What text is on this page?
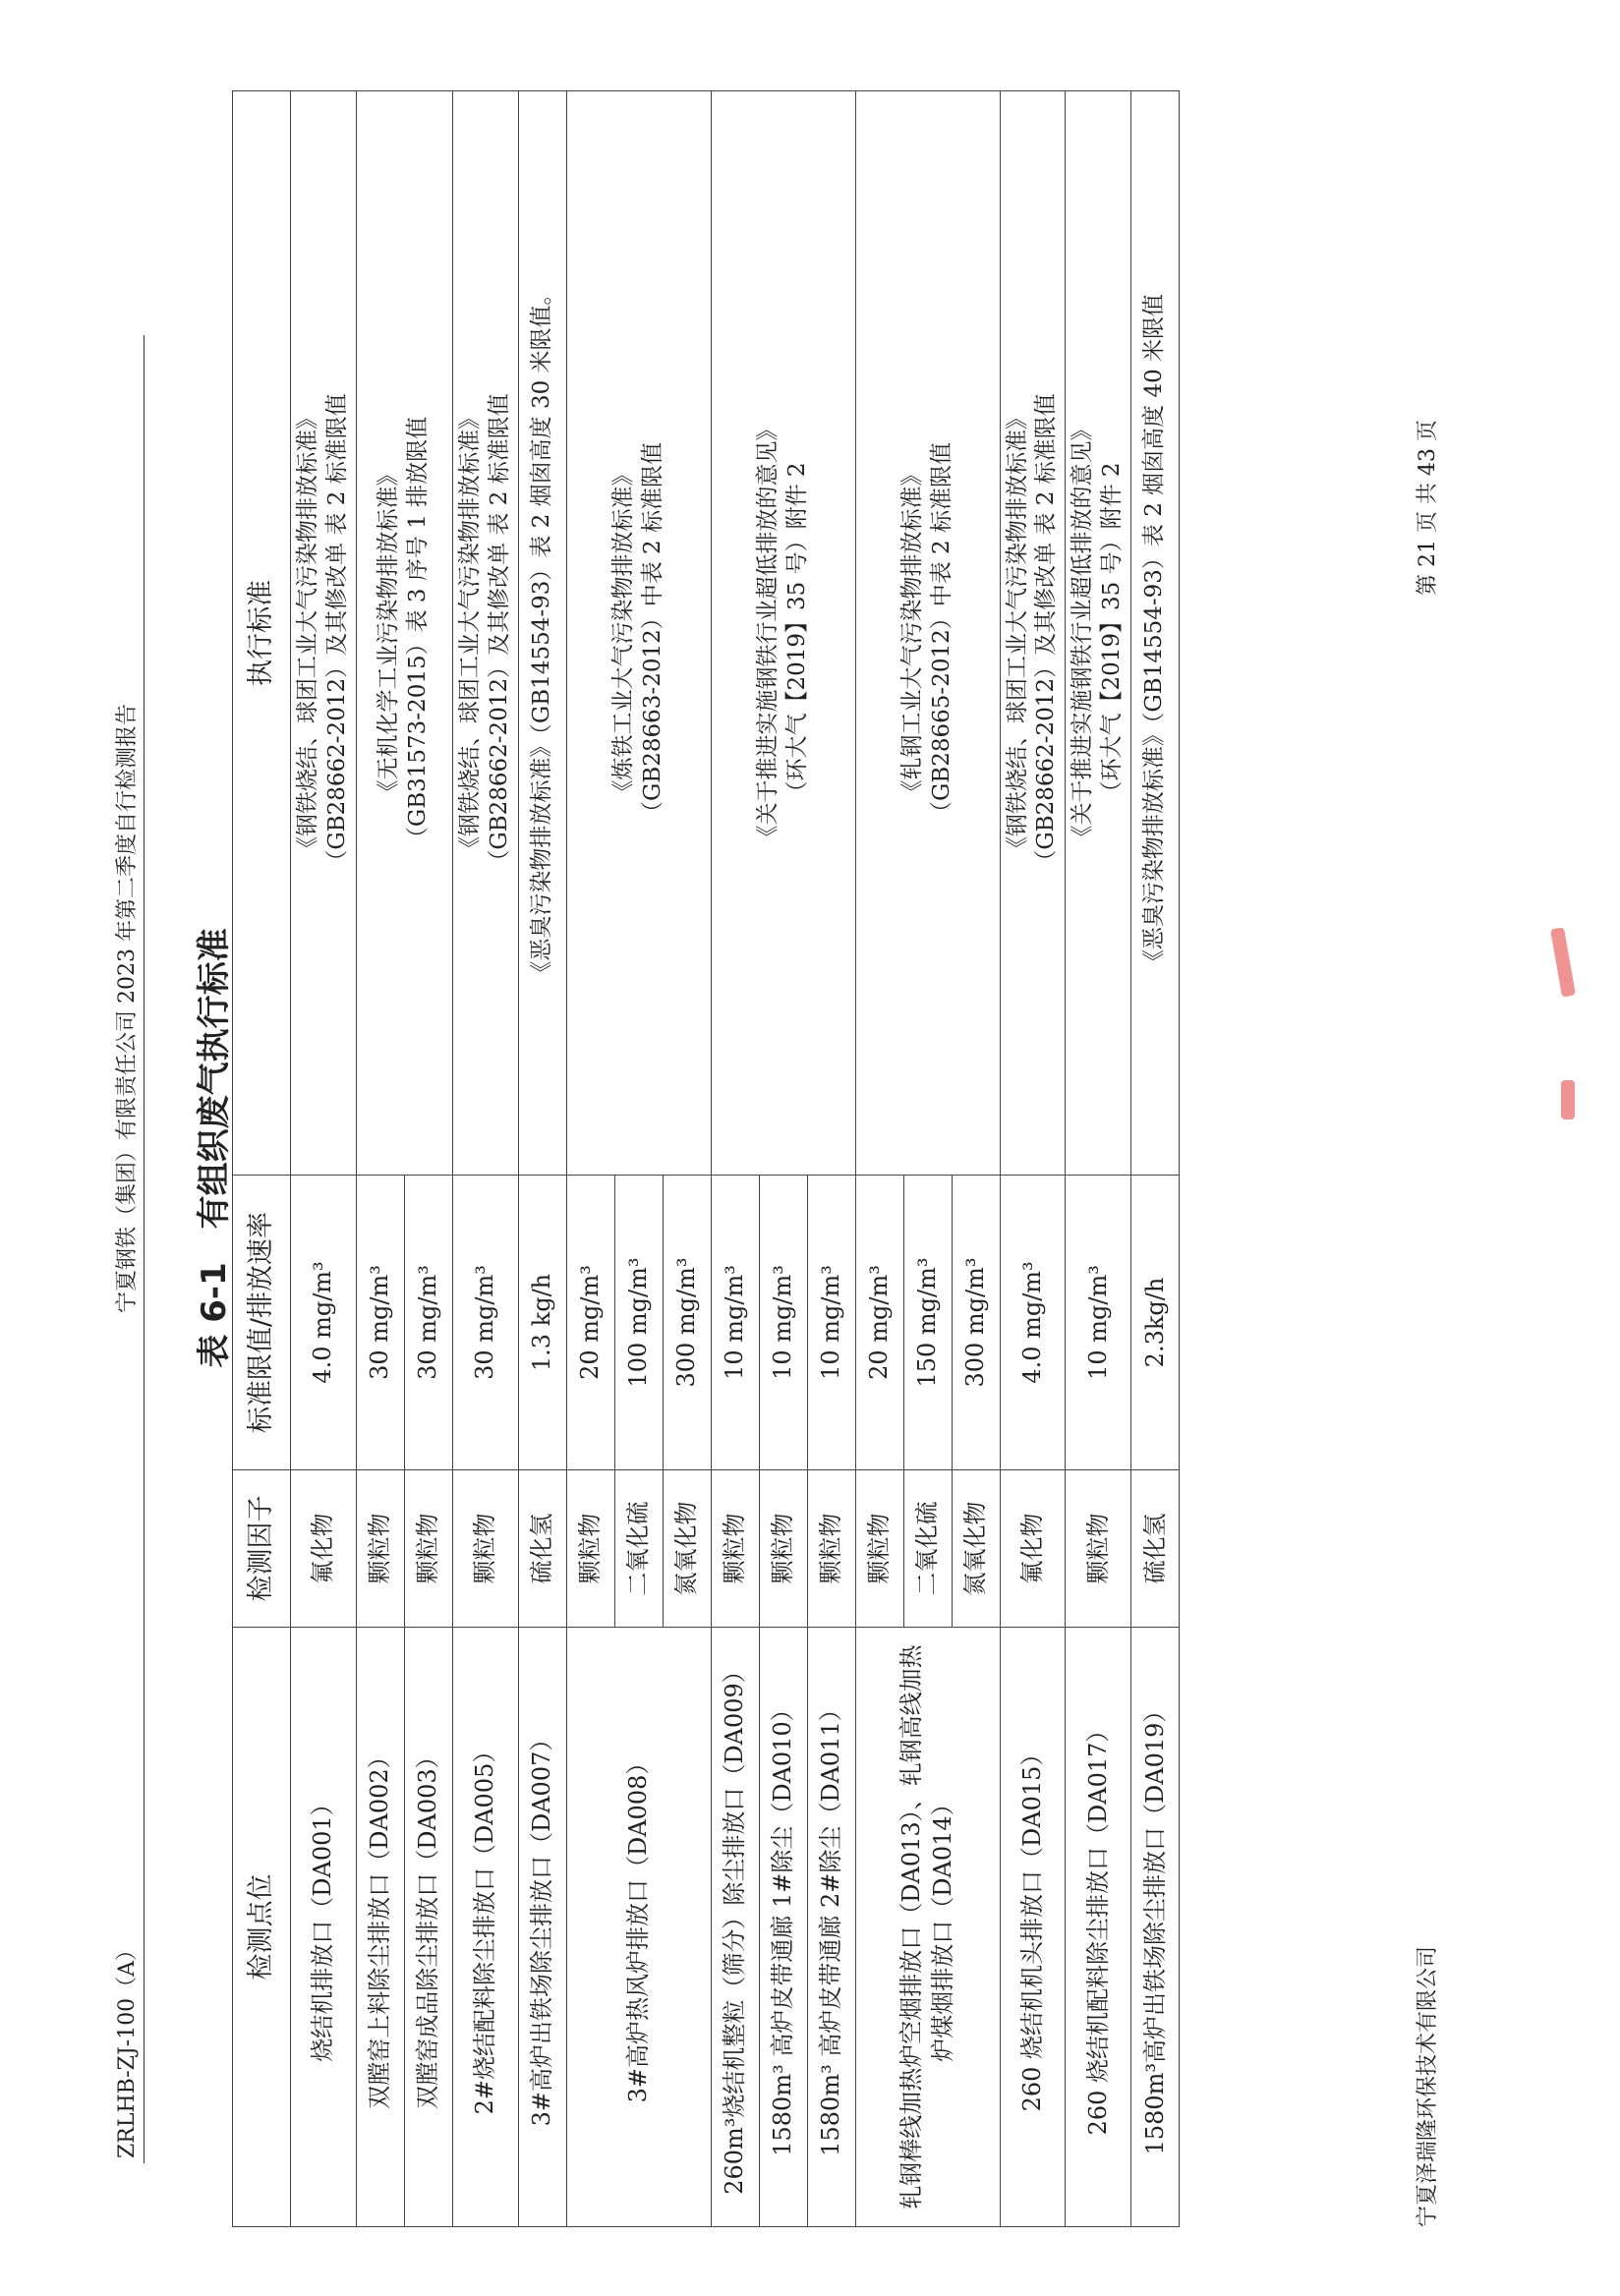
ZRLHB-ZJ-100（A）
宁夏钢铁（集团）有限责任公司 2023 年第二季度自行检测报告 表 6-1　有组织废气执行标准
检测点位	检测因子	标准限值/排放速率	执行标准
烧结机排放口（DA001）	氟化物	4.0 mg/m³	《钢铁烧结、球团工业大气污染物排放标准》 （GB28662-2012）及其修改单 表 2 标准限值

双膛窑上料除尘排放口（DA002）	颗粒物	30 mg/m³	《无机化学工业污染物排放标准》 （GB31573-2015）表 3 序号 1 排放限值

双膛窑成品除尘排放口（DA003）	颗粒物	30 mg/m³	
2#烧结配料除尘排放口（DA005）	颗粒物	30 mg/m³	《钢铁烧结、球团工业大气污染物排放标准》 （GB28662-2012）及其修改单 表 2 标准限值

3#高炉出铁场除尘排放口（DA007）	硫化氢	1.3 kg/h	《恶臭污染物排放标准》（GB14554-93）表 2 烟囱高度 30 米限值。

3#高炉热风炉排放口（DA008）	颗粒物	20 mg/m³	《炼铁工业大气污染物排放标准》 （GB28663-2012）中表 2 标准限值

	二氧化硫	100 mg/m³	
	氮氧化物	300 mg/m³	
260m³烧结机整粒（筛分）除尘排放口（DA009）	颗粒物	10 mg/m³	《关于推进实施钢铁行业超低排放的意见》 （环大气【2019】35 号）附件 2

1580m³ 高炉皮带通廊 1#除尘（DA010）	颗粒物	10 mg/m³	
1580m³ 高炉皮带通廊 2#除尘（DA011）	颗粒物	10 mg/m³	
轧钢棒线加热炉空烟排放口（DA013）、轧钢高线加热炉煤烟排放口（DA014）	颗粒物	20 mg/m³	《轧钢工业大气污染物排放标准》 （GB28665-2012）中表 2 标准限值

	二氧化硫	150 mg/m³	
	氮氧化物	300 mg/m³	
260 烧结机机头排放口（DA015）	氟化物	4.0 mg/m³	《钢铁烧结、球团工业大气污染物排放标准》 （GB28662-2012）及其修改单 表 2 标准限值

260 烧结机配料除尘排放口（DA017）	颗粒物	10 mg/m³	《关于推进实施钢铁行业超低排放的意见》 （环大气【2019】35 号）附件 2

1580m³高炉出铁场除尘排放口（DA019）	硫化氢	2.3kg/h	《恶臭污染物排放标准》（GB14554-93）表 2 烟囱高度 40 米限值
宁夏泽瑞隆环保技术有限公司
第 21 页 共 43 页
